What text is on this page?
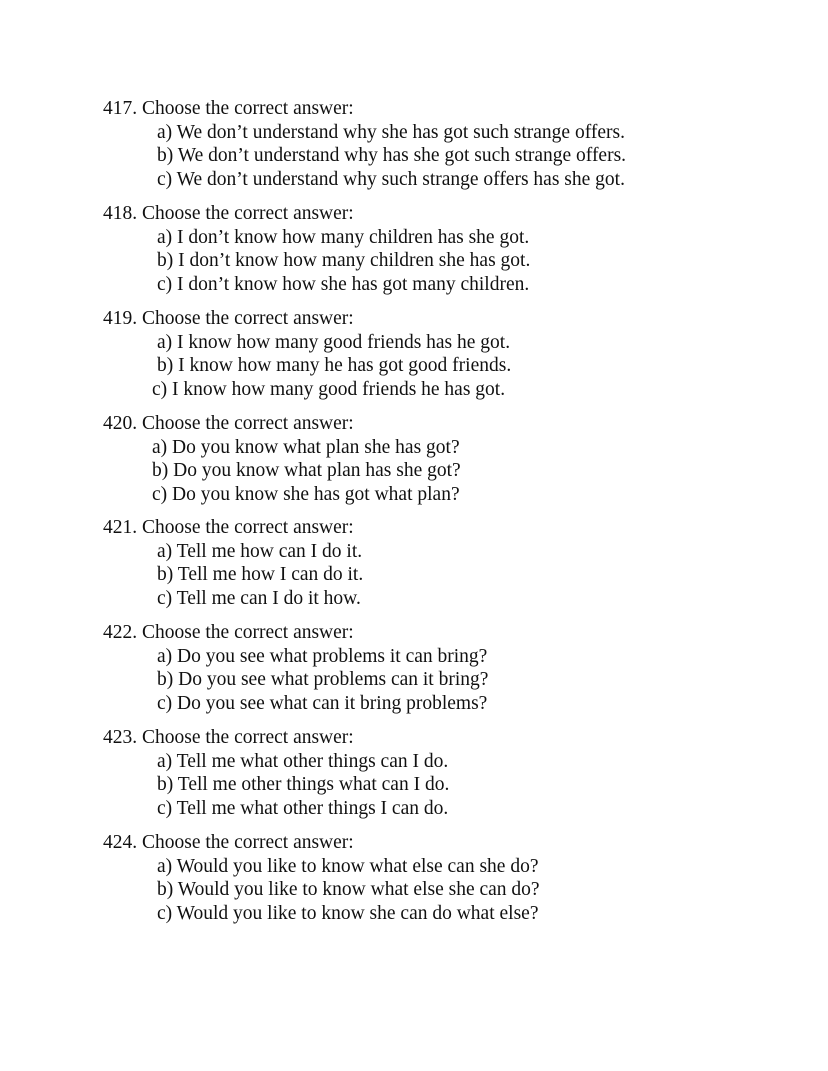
417. Choose the correct answer:

a) We don’t understand why she has got such strange offers.

b) We don’t understand why has she got such strange offers.

c) We don’t understand why such strange offers has she got.

418. Choose the correct answer:

a) I don’t know how many children has she got.

b) I don’t know how many children she has got.

c) I don’t know how she has got many children.

419. Choose the correct answer:

a) I know how many good friends has he got.

b) I know how many he has got good friends.

c) I know how many good friends he has got.

420. Choose the correct answer:

a) Do you know what plan she has got?

b) Do you know what plan has she got?

c) Do you know she has got what plan?

421. Choose the correct answer:

a) Tell me how can I do it.

b) Tell me how I can do it.

c) Tell me can I do it how.

422. Choose the correct answer:

a) Do you see what problems it can bring?

b) Do you see what problems can it bring?

c) Do you see what can it bring problems?

423. Choose the correct answer:

a) Tell me what other things can I do.

b) Tell me other things what can I do.

c) Tell me what other things I can do.

424. Choose the correct answer:

a) Would you like to know what else can she do?

b) Would you like to know what else she can do?

c) Would you like to know she can do what else?
